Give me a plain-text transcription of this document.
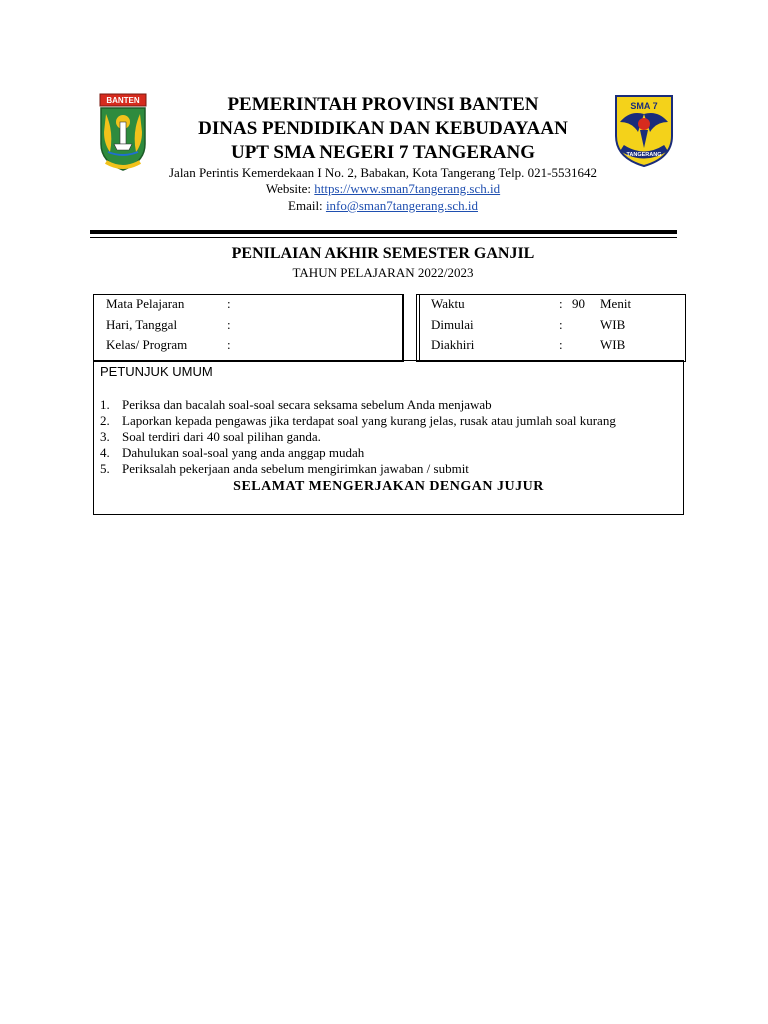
BANTEN
SMA 7
TANGERANG
PEMERINTAH PROVINSI BANTEN
DINAS PENDIDIKAN DAN KEBUDAYAAN
UPT SMA NEGERI 7 TANGERANG
Jalan Perintis Kemerdekaan I No. 2, Babakan, Kota Tangerang Telp. 021-5531642
Website: https://www.sman7tangerang.sch.id
Email: info@sman7tangerang.sch.id
PENILAIAN AKHIR SEMESTER GANJIL
TAHUN PELAJARAN 2022/2023
Mata Pelajaran	:
Hari, Tanggal	:
Kelas/ Program	:
Waktu	: 90 Menit
Dimulai	:	WIB
Diakhiri	:	WIB
PETUNJUK UMUM
1. Periksa dan bacalah soal-soal secara seksama sebelum Anda menjawab
2. Laporkan kepada pengawas jika terdapat soal yang kurang jelas, rusak atau jumlah soal kurang
3. Soal terdiri dari 40 soal pilihan ganda.
4. Dahulukan soal-soal yang anda anggap mudah
5. Periksalah pekerjaan anda sebelum mengirimkan jawaban / submit
SELAMAT MENGERJAKAN DENGAN JUJUR
